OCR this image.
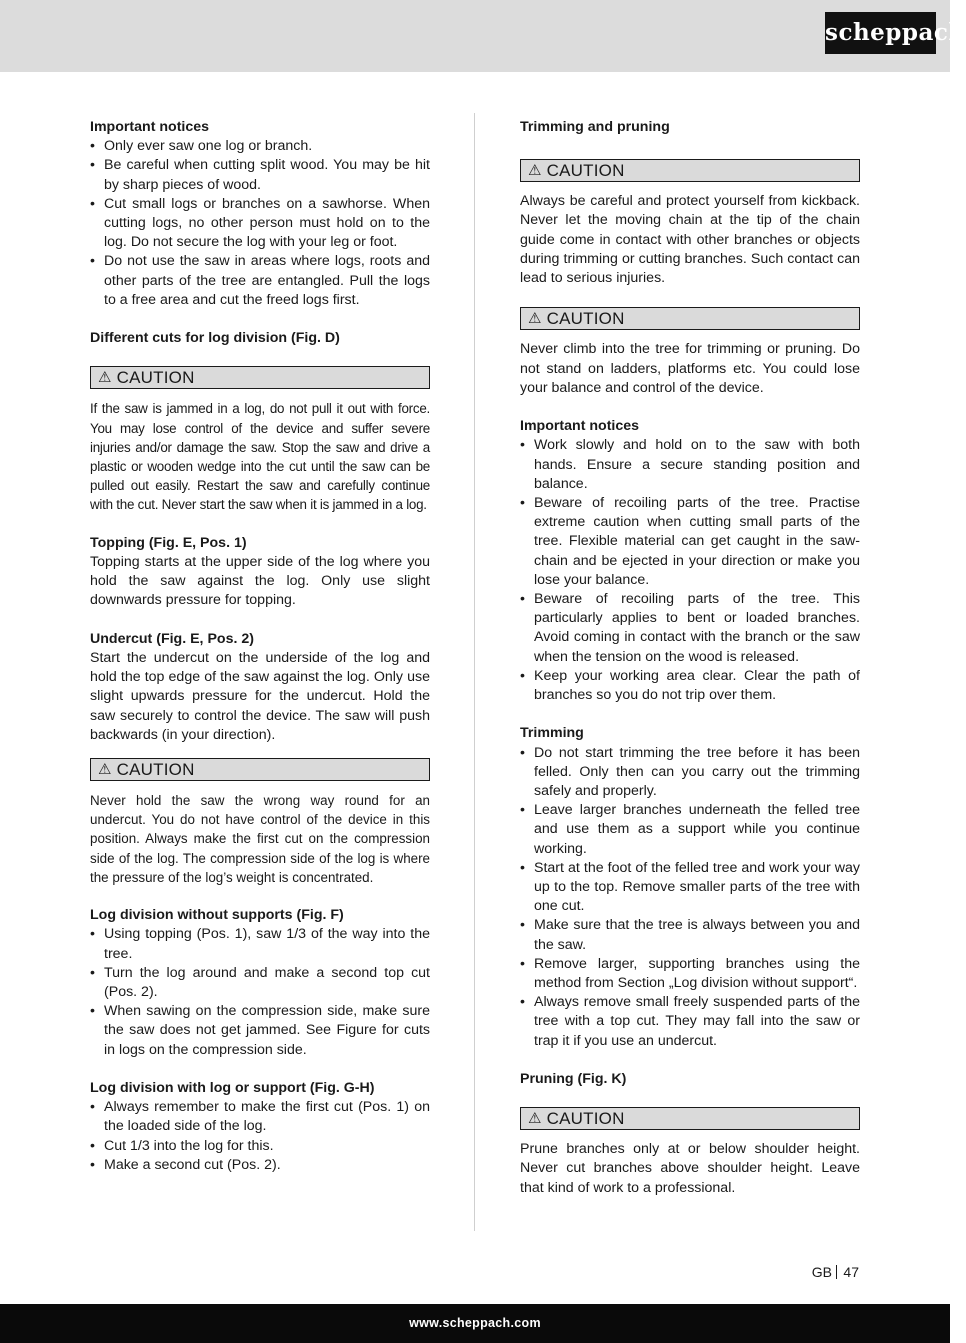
scheppach
Important notices
• Only ever saw one log or branch.
• Be careful when cutting split wood. You may be hit by sharp pieces of wood.
• Cut small logs or branches on a sawhorse. When cutting logs, no other person must hold on to the log. Do not secure the log with your leg or foot.
• Do not use the saw in areas where logs, roots and other parts of the tree are entangled. Pull the logs to a free area and cut the freed logs first.
Different cuts for log division (Fig. D)
⚠ CAUTION

If the saw is jammed in a log, do not pull it out with force. You may lose control of the device and suffer severe injuries and/or damage the saw. Stop the saw and drive a plastic or wooden wedge into the cut until the saw can be pulled out easily. Restart the saw and carefully continue with the cut. Never start the saw when it is jammed in a log.

Topping (Fig. E, Pos. 1)

Topping starts at the upper side of the log where you hold the saw against the log. Only use slight downwards pressure for topping.

Undercut (Fig. E, Pos. 2)

Start the undercut on the underside of the log and hold the top edge of the saw against the log. Only use slight upwards pressure for the undercut. Hold the saw securely to control the device. The saw will push backwards (in your direction).

⚠ CAUTION

Never hold the saw the wrong way round for an undercut. You do not have control of the device in this position. Always make the first cut on the compression side of the log. The compression side of the log is where the pressure of the log’s weight is concentrated.

Log division without supports (Fig. F)
• Using topping (Pos. 1), saw 1/3 of the way into the tree.
• Turn the log around and make a second top cut (Pos. 2).
• When sawing on the compression side, make sure the saw does not get jammed. See Figure for cuts in logs on the compression side.
Log division with log or support (Fig. G-H)
• Always remember to make the first cut (Pos. 1) on the loaded side of the log.
• Cut 1/3 into the log for this.
• Make a second cut (Pos. 2).
Trimming and pruning
⚠ CAUTION

Always be careful and protect yourself from kickback. Never let the moving chain at the tip of the chain guide come in contact with other branches or objects during trimming or cutting branches. Such contact can lead to serious injuries.

⚠ CAUTION

Never climb into the tree for trimming or pruning. Do not stand on ladders, platforms etc. You could lose your balance and control of the device.

Important notices
• Work slowly and hold on to the saw with both hands. Ensure a secure standing position and balance.
• Beware of recoiling parts of the tree. Practise extreme caution when cutting small parts of the tree. Flexible material can get caught in the saw-chain and be ejected in your direction or make you lose your balance.
• Beware of recoiling parts of the tree. This particularly applies to bent or loaded branches. Avoid coming in contact with the branch or the saw when the tension on the wood is released.
• Keep your working area clear. Clear the path of branches so you do not trip over them.
Trimming
• Do not start trimming the tree before it has been felled. Only then can you carry out the trimming safely and properly.
• Leave larger branches underneath the felled tree and use them as a support while you continue working.
• Start at the foot of the felled tree and work your way up to the top. Remove smaller parts of the tree with one cut.
• Make sure that the tree is always between you and the saw.
• Remove larger, supporting branches using the method from Section „Log division without support“.
• Always remove small freely suspended parts of the tree with a top cut. They may fall into the saw or trap it if you use an undercut.
Pruning (Fig. K)
⚠ CAUTION

Prune branches only at or below shoulder height. Never cut branches above shoulder height. Leave that kind of work to a professional.

GB 47
www.scheppach.com
